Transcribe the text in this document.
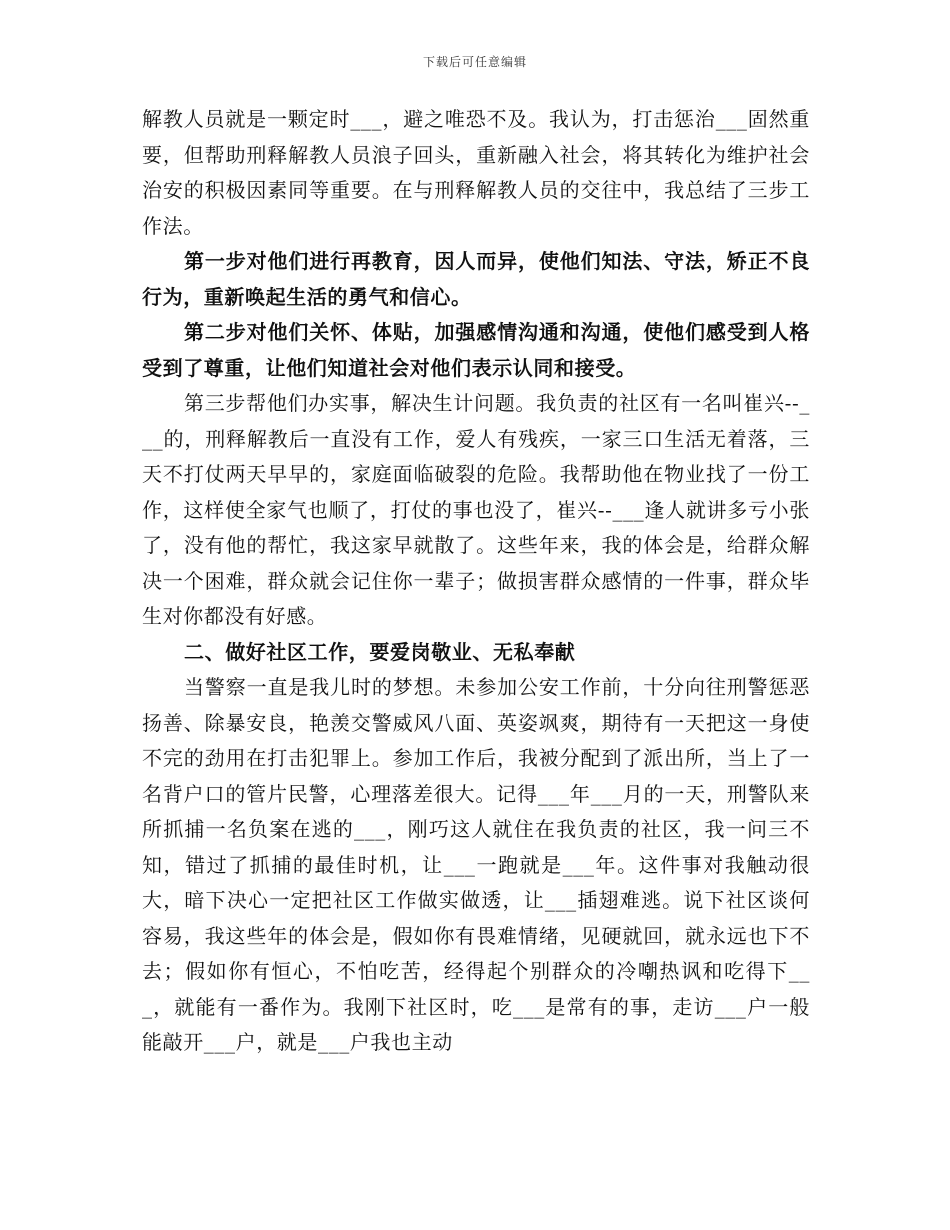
下载后可任意编辑

解教人员就是一颗定时___，避之唯恐不及。我认为，打击惩治___固然重要，但帮助刑释解教人员浪子回头，重新融入社会，将其转化为维护社会治安的积极因素同等重要。在与刑释解教人员的交往中，我总结了三步工作法。

第一步对他们进行再教育，因人而异，使他们知法、守法，矫正不良行为，重新唤起生活的勇气和信心。

第二步对他们关怀、体贴，加强感情沟通和沟通，使他们感受到人格受到了尊重，让他们知道社会对他们表示认同和接受。

第三步帮他们办实事，解决生计问题。我负责的社区有一名叫崔兴--___的，刑释解教后一直没有工作，爱人有残疾，一家三口生活无着落，三天不打仗两天早早的，家庭面临破裂的危险。我帮助他在物业找了一份工作，这样使全家气也顺了，打仗的事也没了，崔兴--___逢人就讲多亏小张了，没有他的帮忙，我这家早就散了。这些年来，我的体会是，给群众解决一个困难，群众就会记住你一辈子；做损害群众感情的一件事，群众毕生对你都没有好感。

二、做好社区工作，要爱岗敬业、无私奉献

当警察一直是我儿时的梦想。未参加公安工作前，十分向往刑警惩恶扬善、除暴安良，艳羡交警威风八面、英姿飒爽，期待有一天把这一身使不完的劲用在打击犯罪上。参加工作后，我被分配到了派出所，当上了一名背户口的管片民警，心理落差很大。记得___年___月的一天，刑警队来所抓捕一名负案在逃的___，刚巧这人就住在我负责的社区，我一问三不知，错过了抓捕的最佳时机，让___一跑就是___年。这件事对我触动很大，暗下决心一定把社区工作做实做透，让___插翅难逃。说下社区谈何容易，我这些年的体会是，假如你有畏难情绪，见硬就回，就永远也下不去；假如你有恒心，不怕吃苦，经得起个别群众的冷嘲热讽和吃得下___，就能有一番作为。我刚下社区时，吃___是常有的事，走访___户一般能敲开___户，就是___户我也主动
